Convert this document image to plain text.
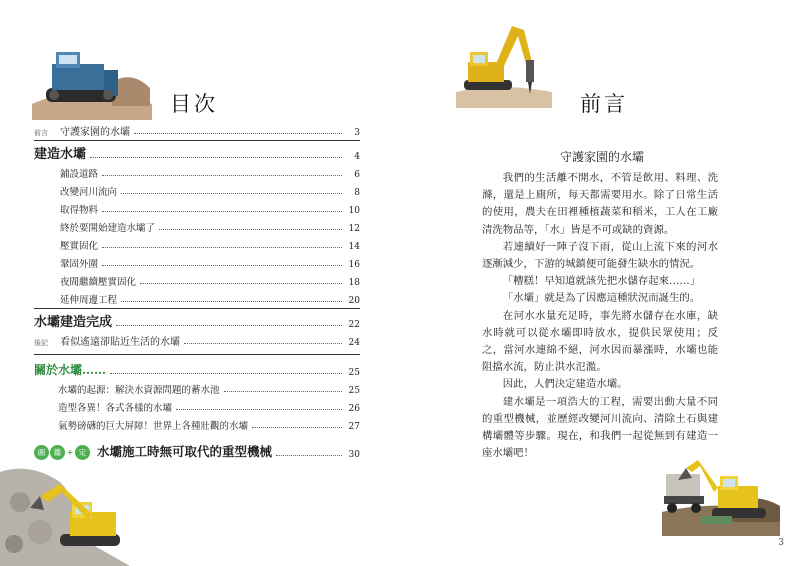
目次
前言	守護家園的水壩	3
建造水壩	4
鋪設道路	6
改變河川流向	8
取得物料	10
終於要開始建造水壩了	12
壓實固化	14
鞏固外圍	16
夜間繼續壓實固化	18
延伸周邊工程	20
水壩建造完成	22
後記	看似遙遠卻貼近生活的水壩	24
關於水壩……	25
水壩的起源：解決水資源問題的蓄水池	25
造型各異！各式各樣的水壩	26
氣勢磅礴的巨大屏障！世界上各種壯觀的水壩	27
圖	鑑 + 定 水壩施工時無可取代的重型機械	30
前言
守護家園的水壩

我們的生活離不開水，不管是飲用、料理、洗滌，還是上廁所，每天都需要用水。除了日常生活的使用，農夫在田裡種植蔬菜和稻米，工人在工廠清洗物品等，「水」皆是不可或缺的資源。

若連續好一陣子沒下雨，從山上流下來的河水逐漸減少，下游的城鎮便可能發生缺水的情況。

「糟糕！早知道就該先把水儲存起來……」

「水壩」就是為了因應這種狀況而誕生的。

在河水水量充足時，事先將水儲存在水庫，缺水時就可以從水壩即時放水，提供民眾使用；反之，當河水連綿不絕，河水因而暴漲時，水壩也能阻擋水流，防止洪水氾濫。

因此，人們決定建造水壩。

建水壩是一項浩大的工程，需要出動大量不同的重型機械，並歷經改變河川流向、清除土石與建構壩體等步驟。現在，和我們一起從無到有建造一座水壩吧！

3
